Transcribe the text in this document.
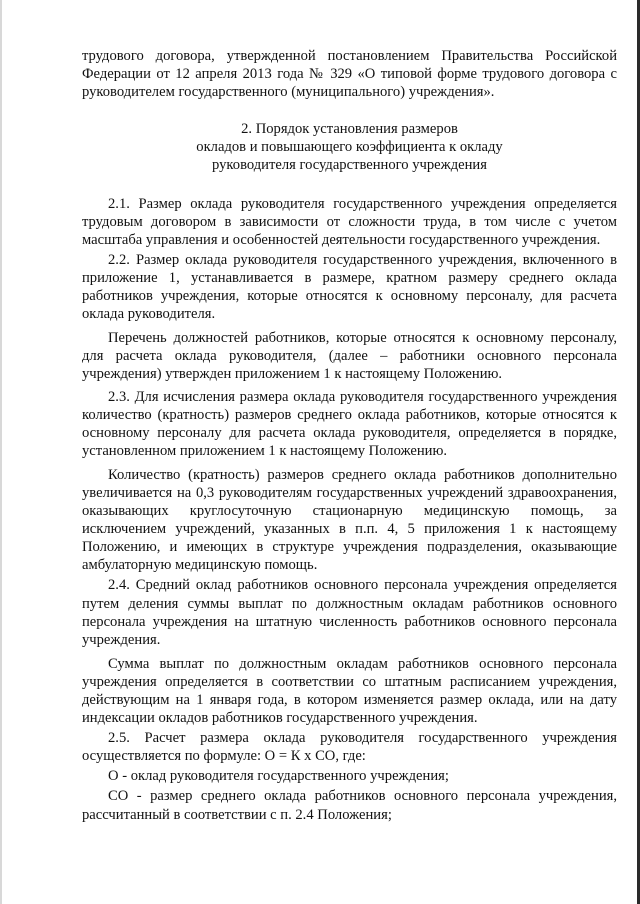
трудового договора, утвержденной постановлением Правительства Российской Федерации от 12 апреля 2013 года № 329 «О типовой форме трудового договора с руководителем государственного (муниципального) учреждения».

2. Порядок установления размеров
окладов и повышающего коэффициента к окладу
руководителя государственного учреждения

2.1. Размер оклада руководителя государственного учреждения определяется трудовым договором в зависимости от сложности труда, в том числе с учетом масштаба управления и особенностей деятельности государственного учреждения.

2.2. Размер оклада руководителя государственного учреждения, включенного в приложение 1, устанавливается в размере, кратном размеру среднего оклада работников учреждения, которые относятся к основному персоналу, для расчета оклада руководителя.

Перечень должностей работников, которые относятся к основному персоналу, для расчета оклада руководителя, (далее – работники основного персонала учреждения) утвержден приложением 1 к настоящему Положению.

2.3. Для исчисления размера оклада руководителя государственного учреждения количество (кратность) размеров среднего оклада работников, которые относятся к основному персоналу для расчета оклада руководителя, определяется в порядке, установленном приложением 1 к настоящему Положению.

Количество (кратность) размеров среднего оклада работников дополнительно увеличивается на 0,3 руководителям государственных учреждений здравоохранения, оказывающих круглосуточную стационарную медицинскую помощь, за исключением учреждений, указанных в п.п. 4, 5 приложения 1 к настоящему Положению, и имеющих в структуре учреждения подразделения, оказывающие амбулаторную медицинскую помощь.

2.4. Средний оклад работников основного персонала учреждения определяется путем деления суммы выплат по должностным окладам работников основного персонала учреждения на штатную численность работников основного персонала учреждения.

Сумма выплат по должностным окладам работников основного персонала учреждения определяется в соответствии со штатным расписанием учреждения, действующим на 1 января года, в котором изменяется размер оклада, или на дату индексации окладов работников государственного учреждения.

2.5. Расчет размера оклада руководителя государственного учреждения осуществляется по формуле: О = К х СО, где:

О - оклад руководителя государственного учреждения;

СО - размер среднего оклада работников основного персонала учреждения, рассчитанный в соответствии с п. 2.4 Положения;
